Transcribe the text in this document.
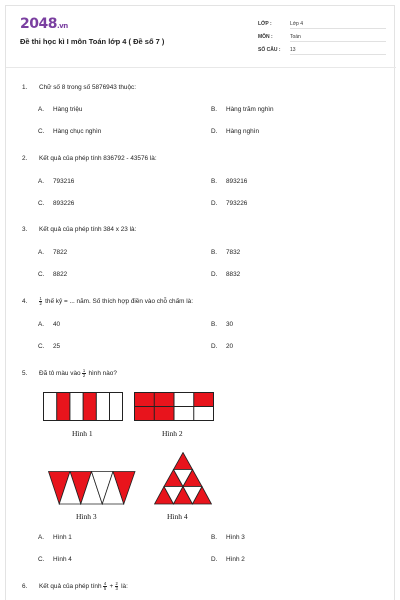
2048.vn
Đề thi học kì I môn Toán lớp 4 ( Đề số 7 )
LỚP :	Lớp 4
MÔN :	Toán
SỐ CÂU : 13
1. Chữ số 8 trong số 5876943 thuộc:
A. Hàng triệu	B. Hàng trăm nghìn
C. Hàng chục nghìn	D. Hàng nghìn
2. Kết quả của phép tính 836792 - 43576 là:
A. 793216	B. 893216
C. 893226	D. 793226
3. Kết quả của phép tính 384 x 23 là:
A. 7822	B. 7832
C. 8822	D. 8832
4.	$\frac{1}{2}$ thế kỷ = ... năm. Số thích hợp điền vào chỗ chấm là:
A. 40	B. 30
C. 25	D. 20
5. Đã tô màu vào $\frac{1}{2}$ hình nào?
Hình 1	Hình 2
Hình 3	Hình 4
A. Hình 1	B. Hình 3
C. Hình 4	D. Hình 2
6. Kết quả của phép tính $\frac{4}{5} + \frac{2}{3}$ là:
